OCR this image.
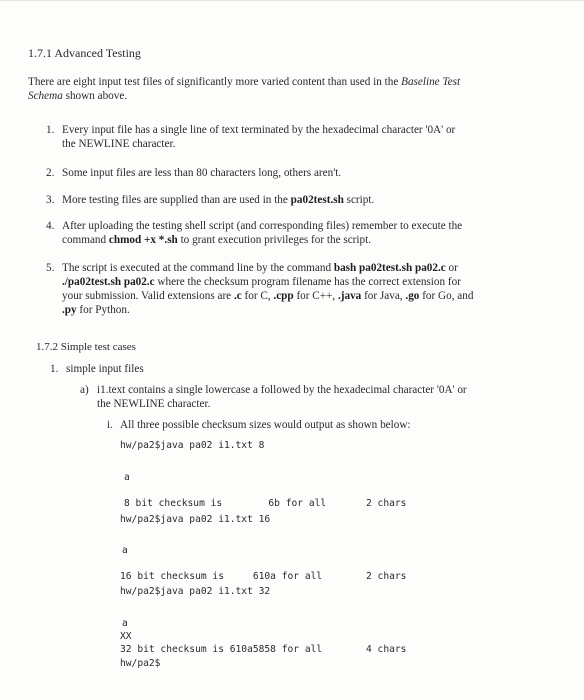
1.7.1 Advanced Testing
There are eight input test files of significantly more varied content than used in the Baseline Test
Schema shown above.
1. Every input file has a single line of text terminated by the hexadecimal character '0A' or
the NEWLINE character.
2. Some input files are less than 80 characters long, others aren't.
3. More testing files are supplied than are used in the pa02test.sh script.
4. After uploading the testing shell script (and corresponding files) remember to execute the
command chmod +x *.sh to grant execution privileges for the script.
5. The script is executed at the command line by the command bash pa02test.sh pa02.c or
./pa02test.sh pa02.c where the checksum program filename has the correct extension for
your submission. Valid extensions are .c for C, .cpp for C++, .java for Java, .go for Go, and
.py for Python.
1.7.2 Simple test cases
1. simple input files
a) i1.text contains a single lowercase a followed by the hexadecimal character '0A' or
the NEWLINE character.
i. All three possible checksum sizes would output as shown below:
hw/pa2$java pa02 i1.txt 8
a
8 bit checksum is        6b for all	2 chars
hw/pa2$java pa02 i1.txt 16
a
16 bit checksum is     610a for all	2 chars
hw/pa2$java pa02 i1.txt 32
a
XX
32 bit checksum is 610a5858 for all	4 chars
hw/pa2$
